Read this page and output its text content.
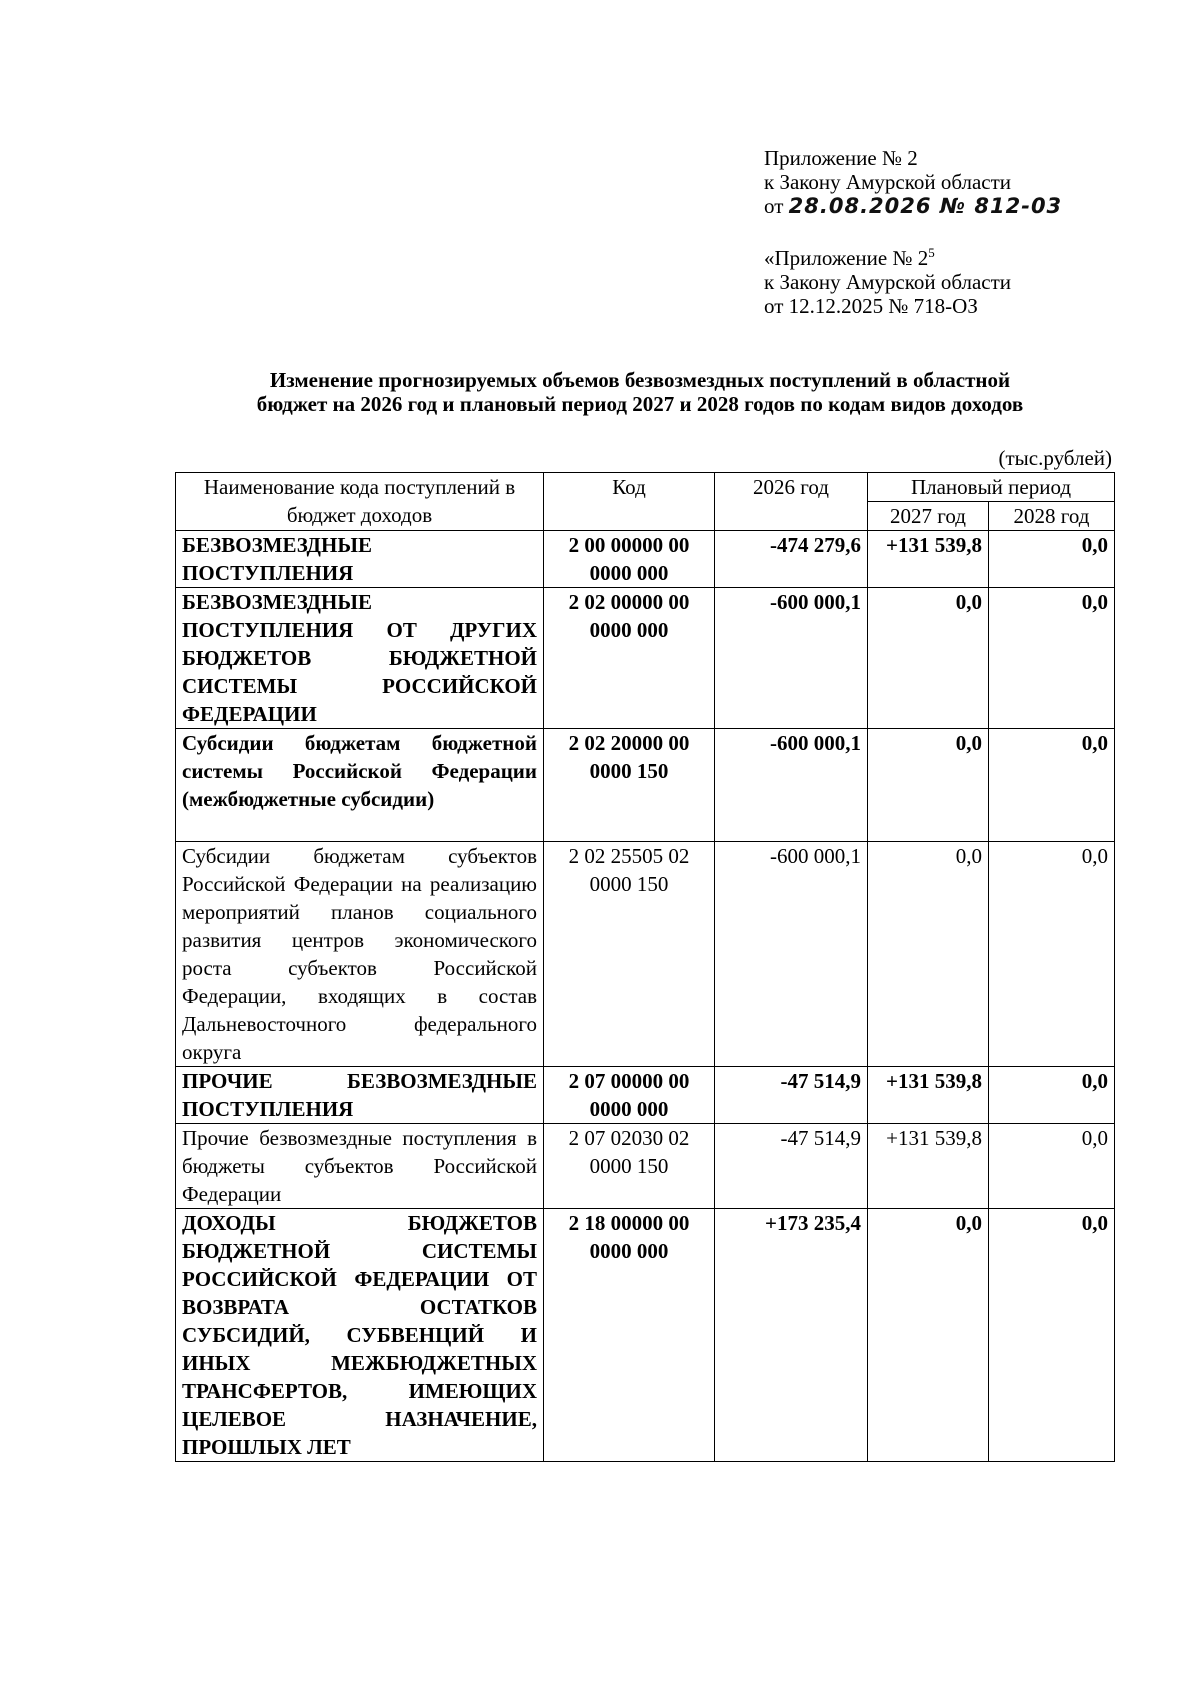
Приложение № 2
к Закону Амурской области
от 28.08.2026 № 812-03
«Приложение № $2^5$
к Закону Амурской области
от 12.12.2025 № 718-ОЗ
Изменение прогнозируемых объемов безвозмездных поступлений в областной
бюджет на 2026 год и плановый период 2027 и 2028 годов по кодам видов доходов
(тыс.рублей)
Наименование кода поступлений в бюджет доходов	Код	2026 год	Плановый период	
			2027 год	2028 год
БЕЗВОЗМЕЗДНЫЕ ПОСТУПЛЕНИЯ	2 00 00000 00 0000 000	-474 279,6	+131 539,8	0,0
БЕЗВОЗМЕЗДНЫЕ ПОСТУПЛЕНИЯ ОТ ДРУГИХ БЮДЖЕТОВ БЮДЖЕТНОЙ СИСТЕМЫ РОССИЙСКОЙ ФЕДЕРАЦИИ	2 02 00000 00 0000 000	-600 000,1	0,0	0,0
Субсидии бюджетам бюджетной системы Российской Федерации (межбюджетные субсидии)	2 02 20000 00 0000 150	-600 000,1	0,0	0,0
Субсидии бюджетам субъектов Российской Федерации на реализацию мероприятий планов социального развития центров экономического роста субъектов Российской Федерации, входящих в состав Дальневосточного федерального округа	2 02 25505 02 0000 150	-600 000,1	0,0	0,0
ПРОЧИЕ БЕЗВОЗМЕЗДНЫЕ ПОСТУПЛЕНИЯ	2 07 00000 00 0000 000	-47 514,9	+131 539,8	0,0
Прочие безвозмездные поступления в бюджеты субъектов Российской Федерации	2 07 02030 02 0000 150	-47 514,9	+131 539,8	0,0
ДОХОДЫ БЮДЖЕТОВ БЮДЖЕТНОЙ СИСТЕМЫ РОССИЙСКОЙ ФЕДЕРАЦИИ ОТ ВОЗВРАТА ОСТАТКОВ СУБСИДИЙ, СУБВЕНЦИЙ И ИНЫХ МЕЖБЮДЖЕТНЫХ ТРАНСФЕРТОВ, ИМЕЮЩИХ ЦЕЛЕВОЕ НАЗНАЧЕНИЕ, ПРОШЛЫХ ЛЕТ	2 18 00000 00 0000 000	+173 235,4	0,0	0,0
